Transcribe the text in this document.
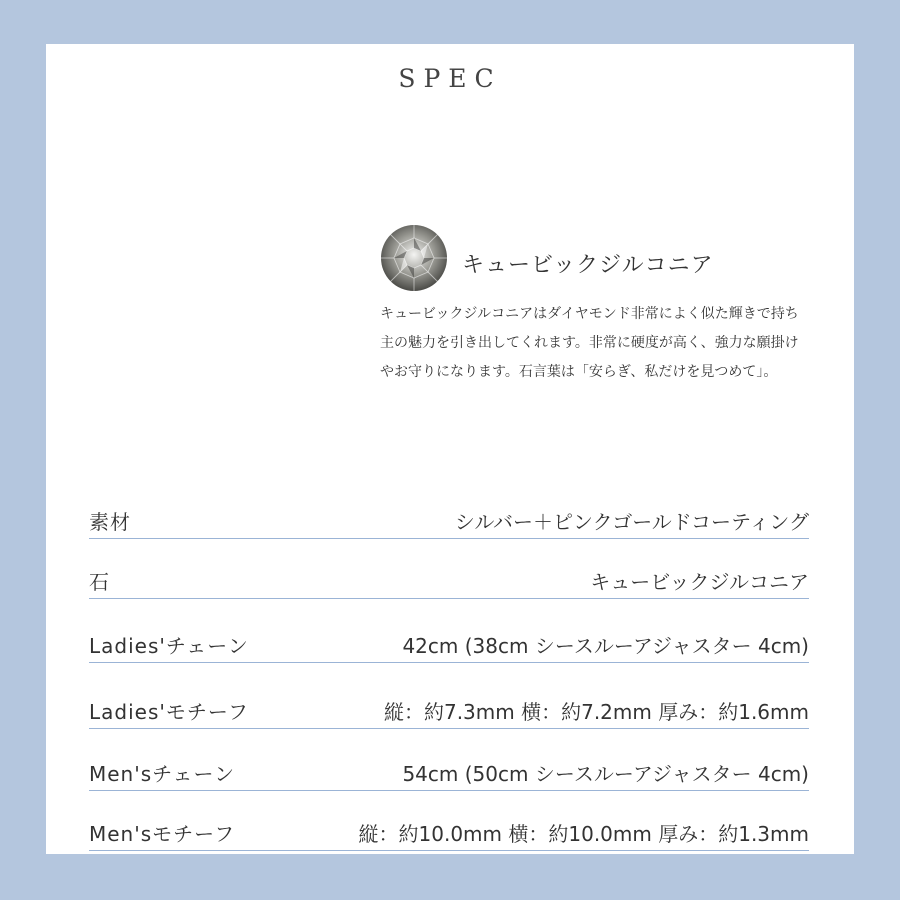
SPEC
キュービックジルコニア

キュービックジルコニアはダイヤモンド非常によく似た輝きで持ち主の魅力を引き出してくれます。非常に硬度が高く、強力な願掛けやお守りになります。石言葉は「安らぎ、私だけを見つめて」。

素材	シルバー＋ピンクゴールドコーティング
石	キュービックジルコニア
Ladies'チェーン	42cm (38cm シースルーアジャスター 4cm)
Ladies'モチーフ	縦：約7.3mm 横：約7.2mm 厚み：約1.6mm
Men'sチェーン	54cm (50cm シースルーアジャスター 4cm)
Men'sモチーフ	縦：約10.0mm 横：約10.0mm 厚み：約1.3mm
